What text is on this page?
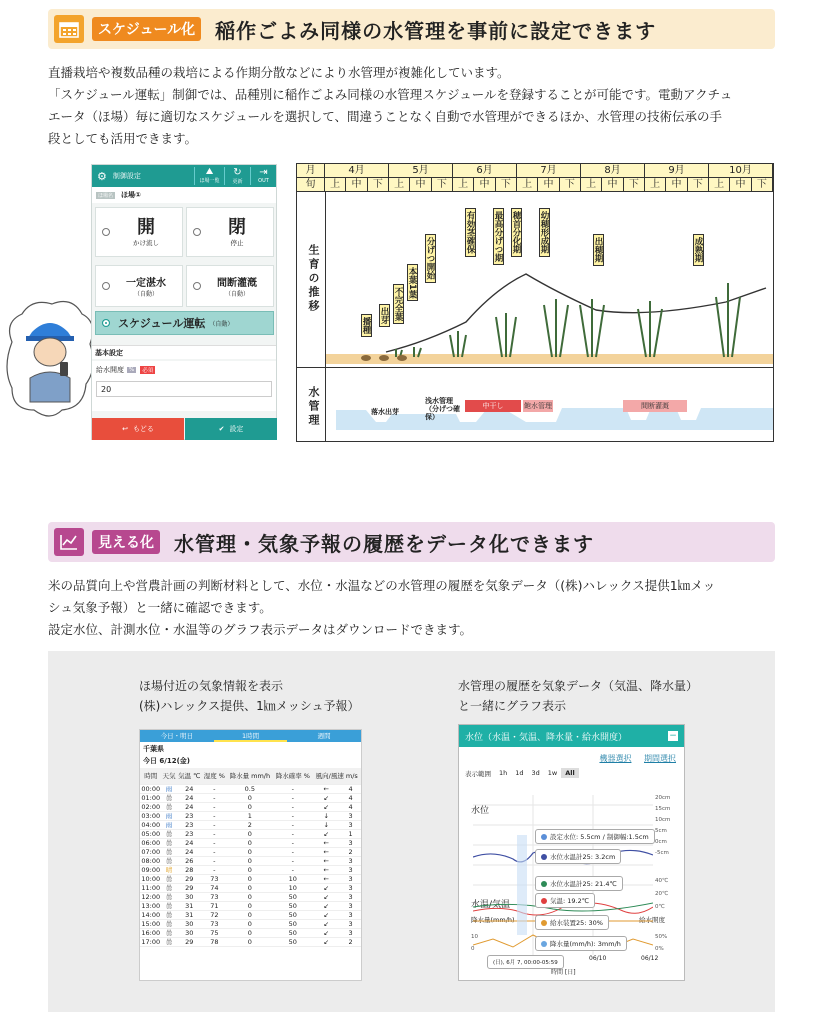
スケジュール化	稲作ごよみ同様の水管理を事前に設定できます
直播栽培や複数品種の栽培による作期分散などにより水管理が複雑化しています。
「スケジュール運転」制御では、品種別に稲作ごよみ同様の水管理スケジュールを登録することが可能です。電動アクチュ
エータ（ほ場）毎に適切なスケジュールを選択して、間違うことなく自動で水管理ができるほか、水管理の技術伝承の手
段としても活用できます。
⚙ 制御設定	⛰
ほ場一覧
↻
更新
⇥
OUT
ほ場名 ほ場①
開
かけ流し
閉
停止
一定湛水
（自動）
間断灌漑
（自動）
スケジュール運転 （自動）
基本設定
給水開度 %	必須
20
↩ もどる	✔ 設定
月
旬
4月	5月	6月	7月	8月	9月	10月
上	中	下	上	中	下	上	中	下	上	中	下	上	中	下	上	中	下	上	中	下
生育の推移
播種
出芽 不完全葉
本葉1葉
分げつ開始
有効茎確保 最高分げつ期 穂首分化期 幼穂形成期	出穂期	成熟期
水管理	落水出芽
浅水管理（分げつ確保）
中干し	飽水管理	間断灌漑
見える化	水管理・気象予報の履歴をデータ化できます
米の品質向上や営農計画の判断材料として、水位・水温などの水管理の履歴を気象データ（(株)ハレックス提供1㎞メッ
シュ気象予報）と一緒に確認できます。
設定水位、計測水位・水温等のグラフ表示データはダウンロードできます。
ほ場付近の気象情報を表示
(株)ハレックス提供、1㎞メッシュ予報）
水管理の履歴を気象データ（気温、降水量）
と一緒にグラフ表示
今日・明日	1時間	週間
千葉県
今日 6/12(金)
時間	天気	気温 ℃	湿度 %	降水量 mm/h	降水確率 %	風向/風速 m/s	
00:00	雨	24	-	0.5	-	←	4
01:00	曇	24	-	0	-	↙	4
02:00	曇	24	-	0	-	↙	4
03:00	雨	23	-	1	-	↓	3
04:00	雨	23	-	2	-	↓	3
05:00	曇	23	-	0	-	↙	1
06:00	曇	24	-	0	-	←	3
07:00	曇	24	-	0	-	←	2
08:00	曇	26	-	0	-	←	3
09:00	晴	28	-	0	-	←	3
10:00	曇	29	73	0	10	←	3
11:00	曇	29	74	0	10	↙	3
12:00	曇	30	73	0	50	↙	3
13:00	曇	31	71	0	50	↙	3
14:00	曇	31	72	0	50	↙	3
15:00	曇	30	73	0	50	↙	3
16:00	曇	30	75	0	50	↙	3
17:00	曇	29	78	0	50	↙	2
水位（水温・気温、降水量・給水開度）	−
機器選択 期間選択
表示範囲	1h	1d	3d	1w	All
水位
水温/気温
降水量(mm/h)	給水開度
20cm
15cm
10cm
5cm
0cm
-5cm
40℃
20℃
0℃
50%
0%
10
0
設定水位: 5.5cm / 制御幅:1.5cm
水位水温計25: 3.2cm
水位水温計25: 21.4℃
気温: 19.2℃
給水装置25: 30%
降水量(mm/h): 3mm/h
(日), 6月 7, 00:00-05:59
06/10	06/12
時間 [日]
